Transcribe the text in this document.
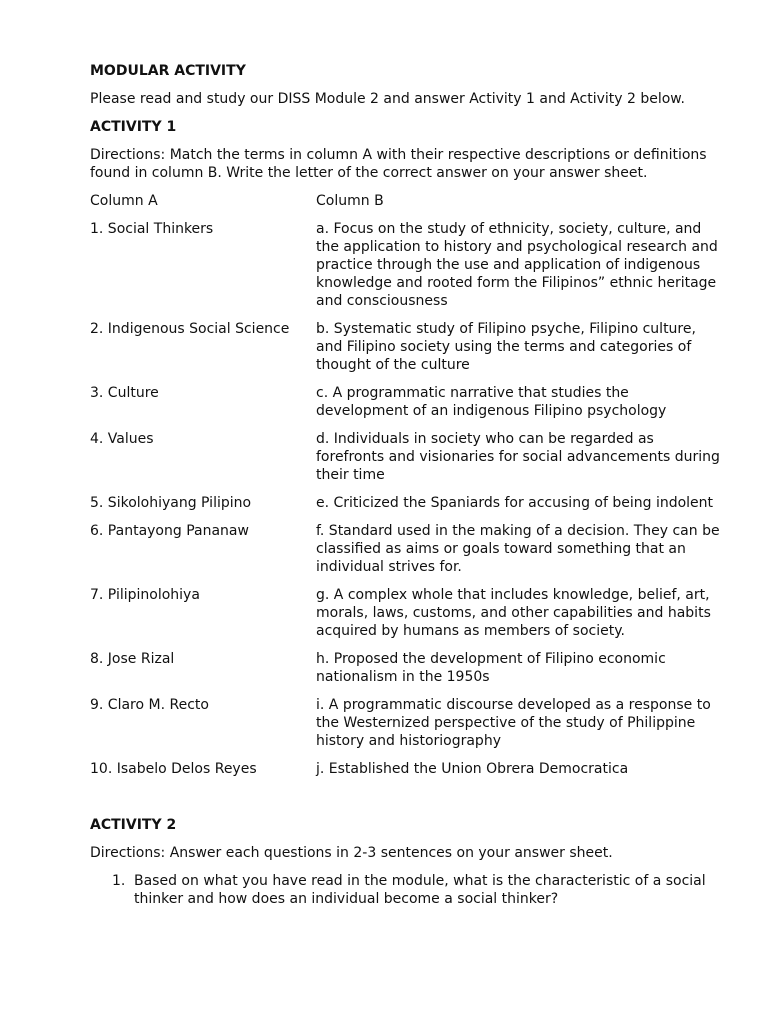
MODULAR ACTIVITY
Please read and study our DISS Module 2 and answer Activity 1 and Activity 2 below.
ACTIVITY 1
Directions: Match the terms in column A with their respective descriptions or definitions found in column B. Write the letter of the correct answer on your answer sheet.
Column A	Column B
1. Social Thinkers	a. Focus on the study of ethnicity, society, culture, and the application to history and psychological research and practice through the use and application of indigenous knowledge and rooted form the Filipinos” ethnic heritage and consciousness
2. Indigenous Social Science	b. Systematic study of Filipino psyche, Filipino culture, and Filipino society using the terms and categories of thought of the culture
3. Culture	c. A programmatic narrative that studies the development of an indigenous Filipino psychology
4. Values	d. Individuals in society who can be regarded as forefronts and visionaries for social advancements during their time
5. Sikolohiyang Pilipino	e. Criticized the Spaniards for accusing of being indolent
6. Pantayong Pananaw	f. Standard used in the making of a decision. They can be classified as aims or goals toward something that an individual strives for.
7. Pilipinolohiya	g. A complex whole that includes knowledge, belief, art, morals, laws, customs, and other capabilities and habits acquired by humans as members of society.
8. Jose Rizal	h. Proposed the development of Filipino economic nationalism in the 1950s
9. Claro M. Recto	i. A programmatic discourse developed as a response to the Westernized perspective of the study of Philippine history and historiography
10. Isabelo Delos Reyes	j. Established the Union Obrera Democratica
ACTIVITY 2
Directions: Answer each questions in 2-3 sentences on your answer sheet.
1. Based on what you have read in the module, what is the characteristic of a social thinker and how does an individual become a social thinker?
